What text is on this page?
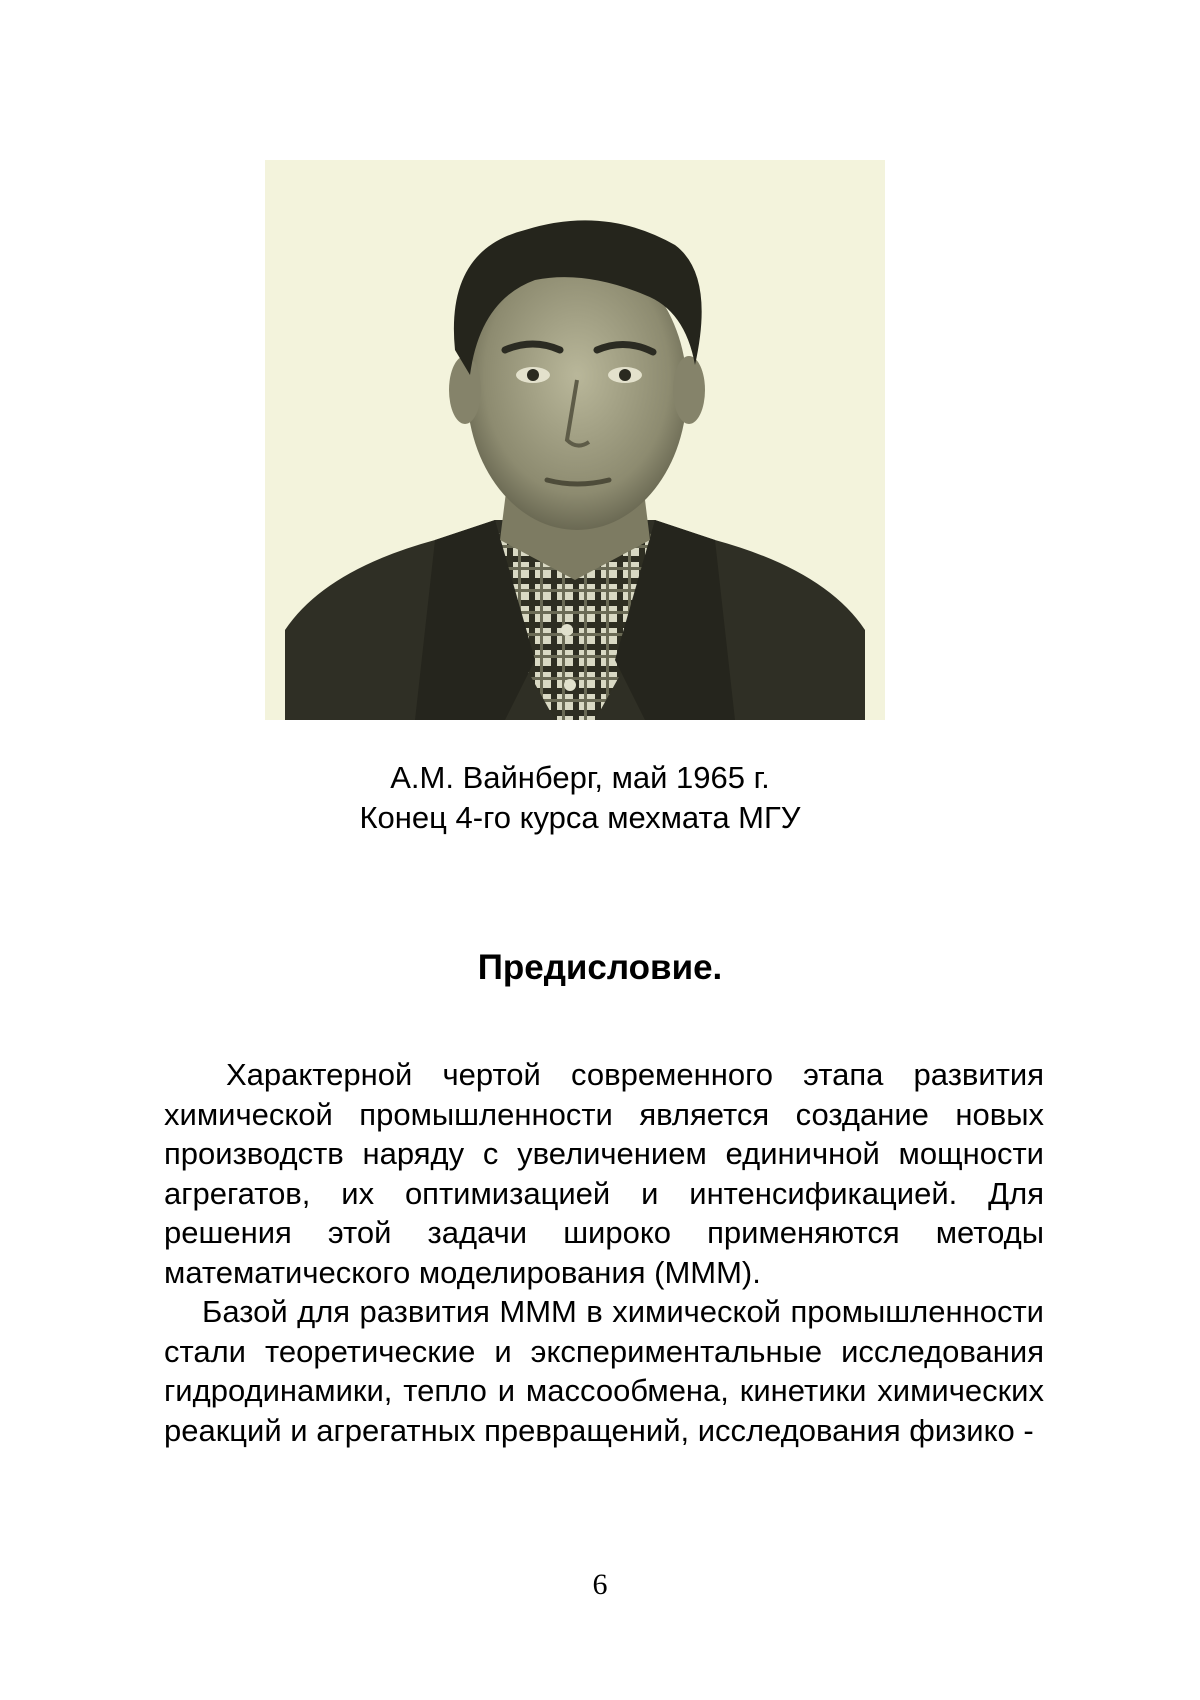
А.М. Вайнберг, май 1965 г.
Конец 4-го курса мехмата МГУ
Предисловие.

Характерной чертой современного этапа развития химической промышленности является создание новых производств наряду с увеличением единичной мощности агрегатов, их оптимизацией и интенсификацией. Для решения этой задачи широко применяются методы математического моделирования (МММ).

Базой для развития МММ в химической промышленности стали теоретические и экспериментальные исследования гидродинамики, тепло и массообмена, кинетики химических реакций и агрегатных превращений, исследования физико -

6
